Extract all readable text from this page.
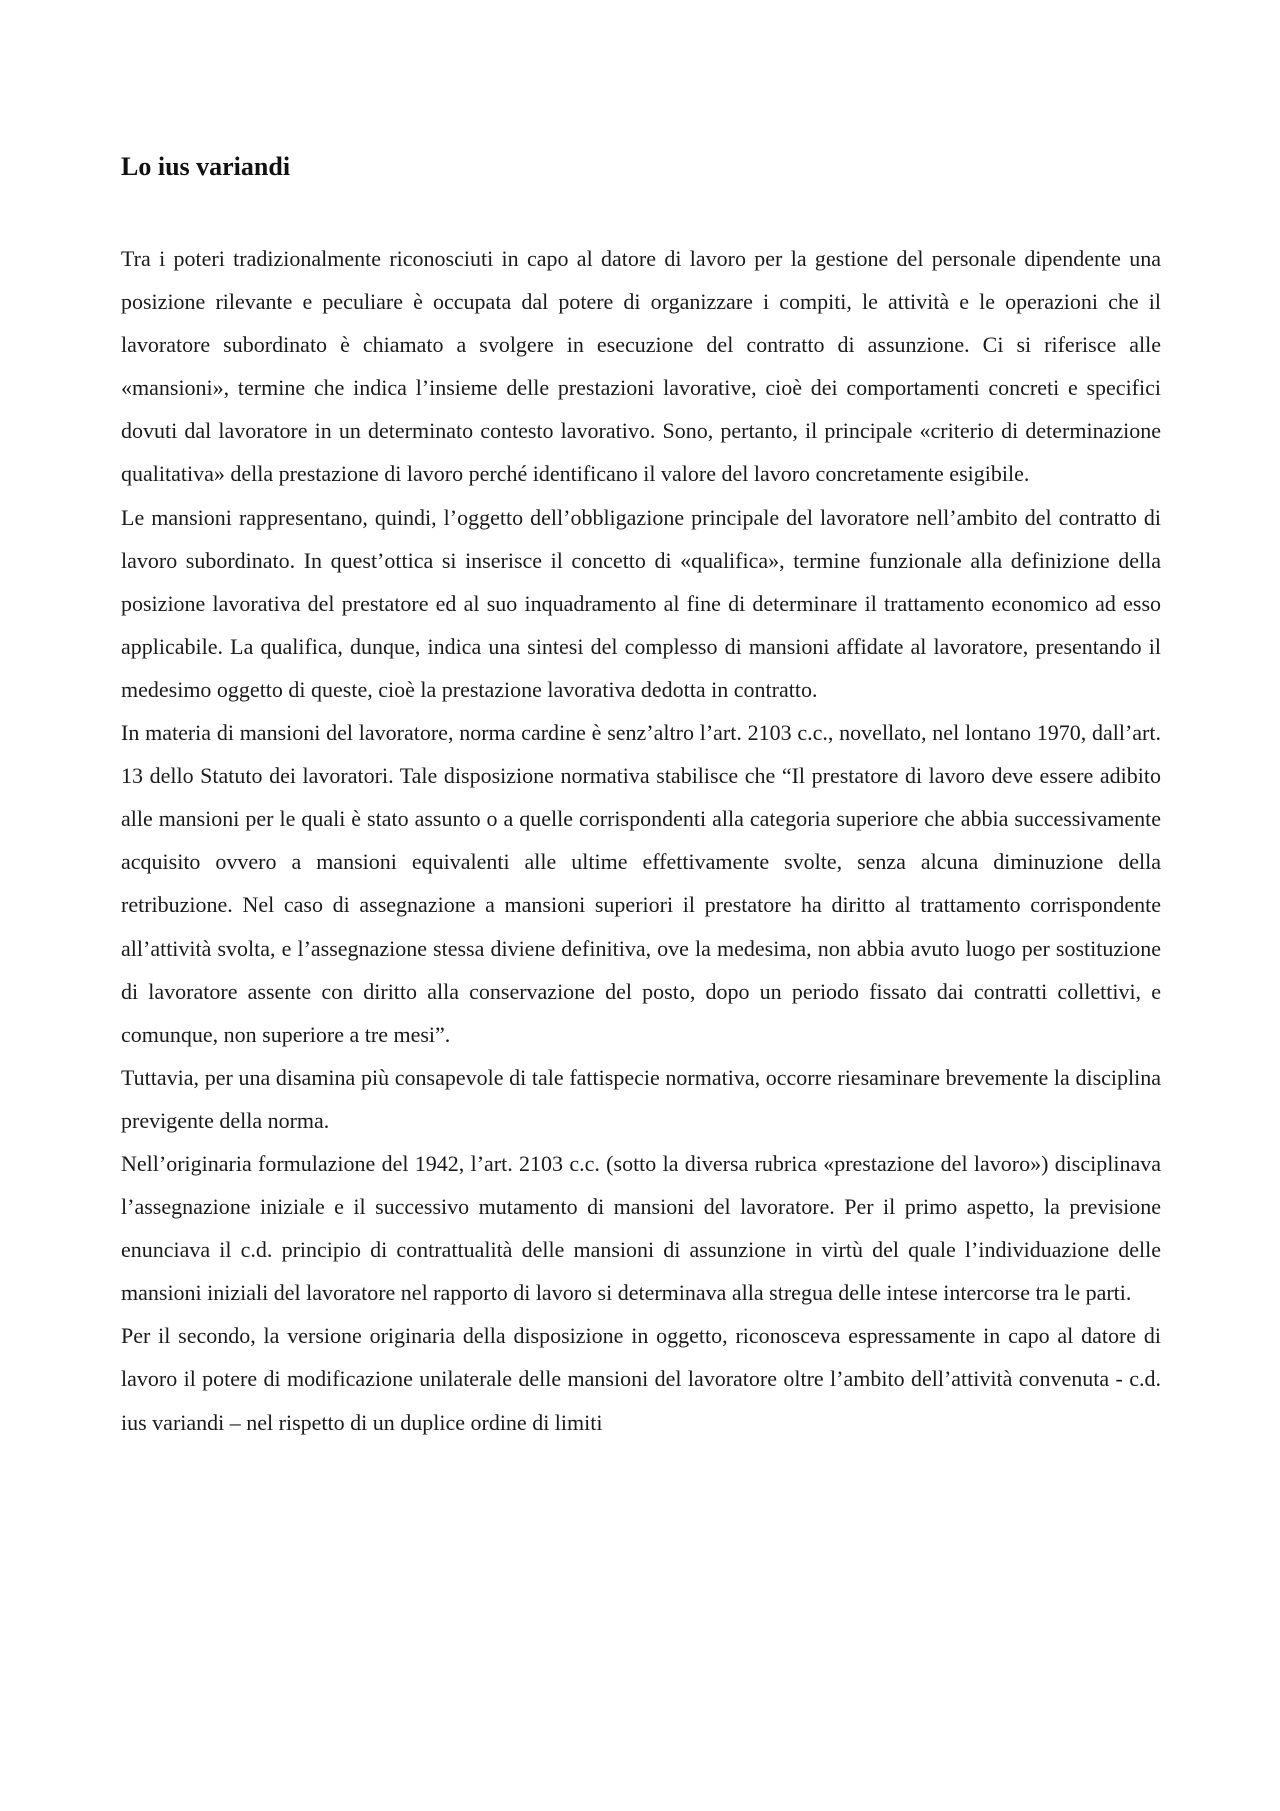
Lo ius variandi

Tra i poteri tradizionalmente riconosciuti in capo al datore di lavoro per la gestione del personale dipendente una posizione rilevante e peculiare è occupata dal potere di organizzare i compiti, le attività e le operazioni che il lavoratore subordinato è chiamato a svolgere in esecuzione del contratto di assunzione. Ci si riferisce alle «mansioni», termine che indica l’insieme delle prestazioni lavorative, cioè dei comportamenti concreti e specifici dovuti dal lavoratore in un determinato contesto lavorativo. Sono, pertanto, il principale «criterio di determinazione qualitativa» della prestazione di lavoro perché identificano il valore del lavoro concretamente esigibile.

Le mansioni rappresentano, quindi, l’oggetto dell’obbligazione principale del lavoratore nell’ambito del contratto di lavoro subordinato. In quest’ottica si inserisce il concetto di «qualifica», termine funzionale alla definizione della posizione lavorativa del prestatore ed al suo inquadramento al fine di determinare il trattamento economico ad esso applicabile. La qualifica, dunque, indica una sintesi del complesso di mansioni affidate al lavoratore, presentando il medesimo oggetto di queste, cioè la prestazione lavorativa dedotta in contratto.

In materia di mansioni del lavoratore, norma cardine è senz’altro l’art. 2103 c.c., novellato, nel lontano 1970, dall’art. 13 dello Statuto dei lavoratori. Tale disposizione normativa stabilisce che “Il prestatore di lavoro deve essere adibito alle mansioni per le quali è stato assunto o a quelle corrispondenti alla categoria superiore che abbia successivamente acquisito ovvero a mansioni equivalenti alle ultime effettivamente svolte, senza alcuna diminuzione della retribuzione. Nel caso di assegnazione a mansioni superiori il prestatore ha diritto al trattamento corrispondente all’attività svolta, e l’assegnazione stessa diviene definitiva, ove la medesima, non abbia avuto luogo per sostituzione di lavoratore assente con diritto alla conservazione del posto, dopo un periodo fissato dai contratti collettivi, e comunque, non superiore a tre mesi”.

Tuttavia, per una disamina più consapevole di tale fattispecie normativa, occorre riesaminare brevemente la disciplina previgente della norma.

Nell’originaria formulazione del 1942, l’art. 2103 c.c. (sotto la diversa rubrica «prestazione del lavoro») disciplinava l’assegnazione iniziale e il successivo mutamento di mansioni del lavoratore. Per il primo aspetto, la previsione enunciava il c.d. principio di contrattualità delle mansioni di assunzione in virtù del quale l’individuazione delle mansioni iniziali del lavoratore nel rapporto di lavoro si determinava alla stregua delle intese intercorse tra le parti.

Per il secondo, la versione originaria della disposizione in oggetto, riconosceva espressamente in capo al datore di lavoro il potere di modificazione unilaterale delle mansioni del lavoratore oltre l’ambito dell’attività convenuta - c.d. ius variandi – nel rispetto di un duplice ordine di limiti
